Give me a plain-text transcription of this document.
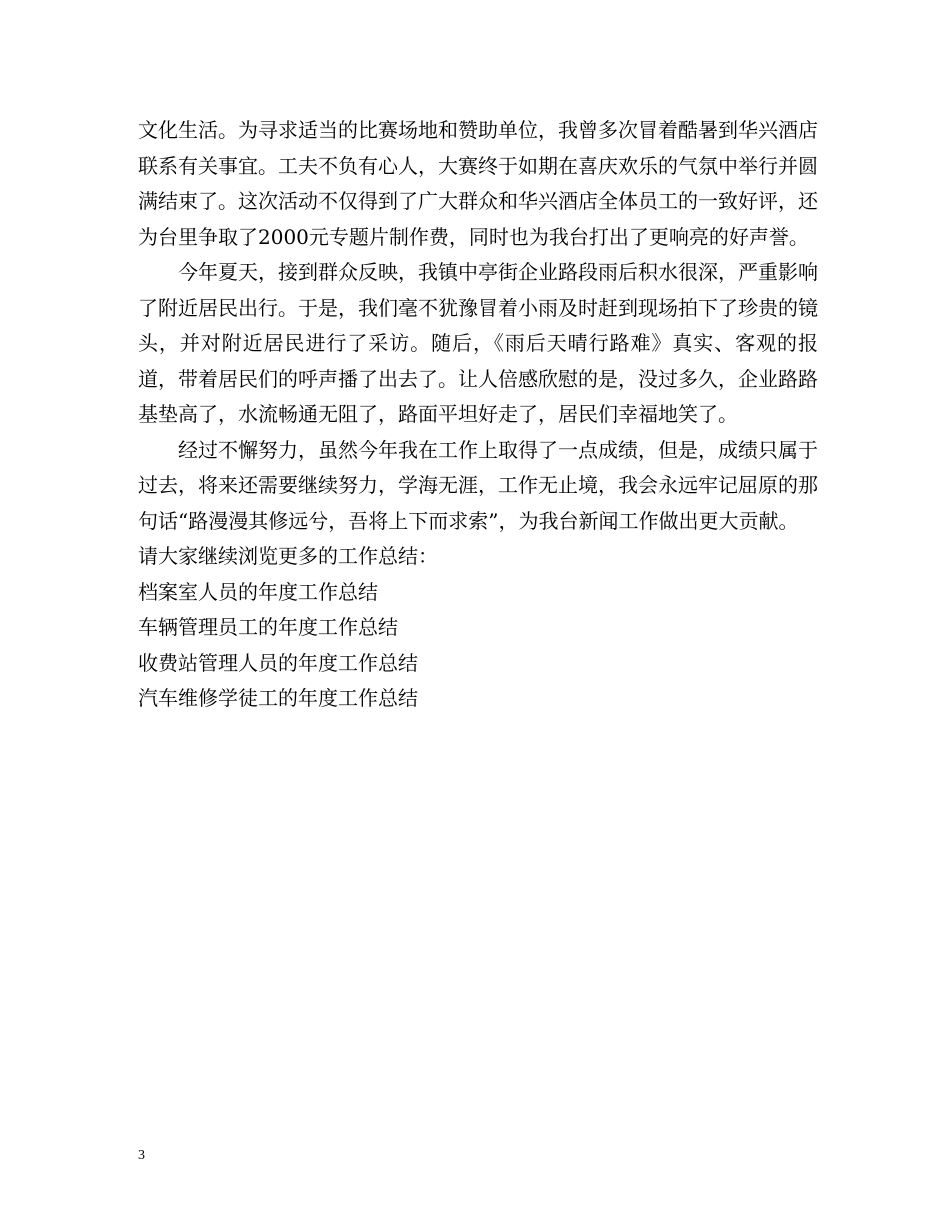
文化生活。为寻求适当的比赛场地和赞助单位，我曾多次冒着酷暑到华兴酒店联系有关事宜。工夫不负有心人，大赛终于如期在喜庆欢乐的气氛中举行并圆满结束了。这次活动不仅得到了广大群众和华兴酒店全体员工的一致好评，还为台里争取了2000元专题片制作费，同时也为我台打出了更响亮的好声誉。

今年夏天，接到群众反映，我镇中亭街企业路段雨后积水很深，严重影响了附近居民出行。于是，我们毫不犹豫冒着小雨及时赶到现场拍下了珍贵的镜头，并对附近居民进行了采访。随后，《雨后天晴行路难》真实、客观的报道，带着居民们的呼声播了出去了。让人倍感欣慰的是，没过多久，企业路路基垫高了，水流畅通无阻了，路面平坦好走了，居民们幸福地笑了。

经过不懈努力，虽然今年我在工作上取得了一点成绩，但是，成绩只属于过去，将来还需要继续努力，学海无涯，工作无止境，我会永远牢记屈原的那句话“路漫漫其修远兮，吾将上下而求索”，为我台新闻工作做出更大贡献。

请大家继续浏览更多的工作总结：

档案室人员的年度工作总结
车辆管理员工的年度工作总结
收费站管理人员的年度工作总结
汽车维修学徒工的年度工作总结
3
